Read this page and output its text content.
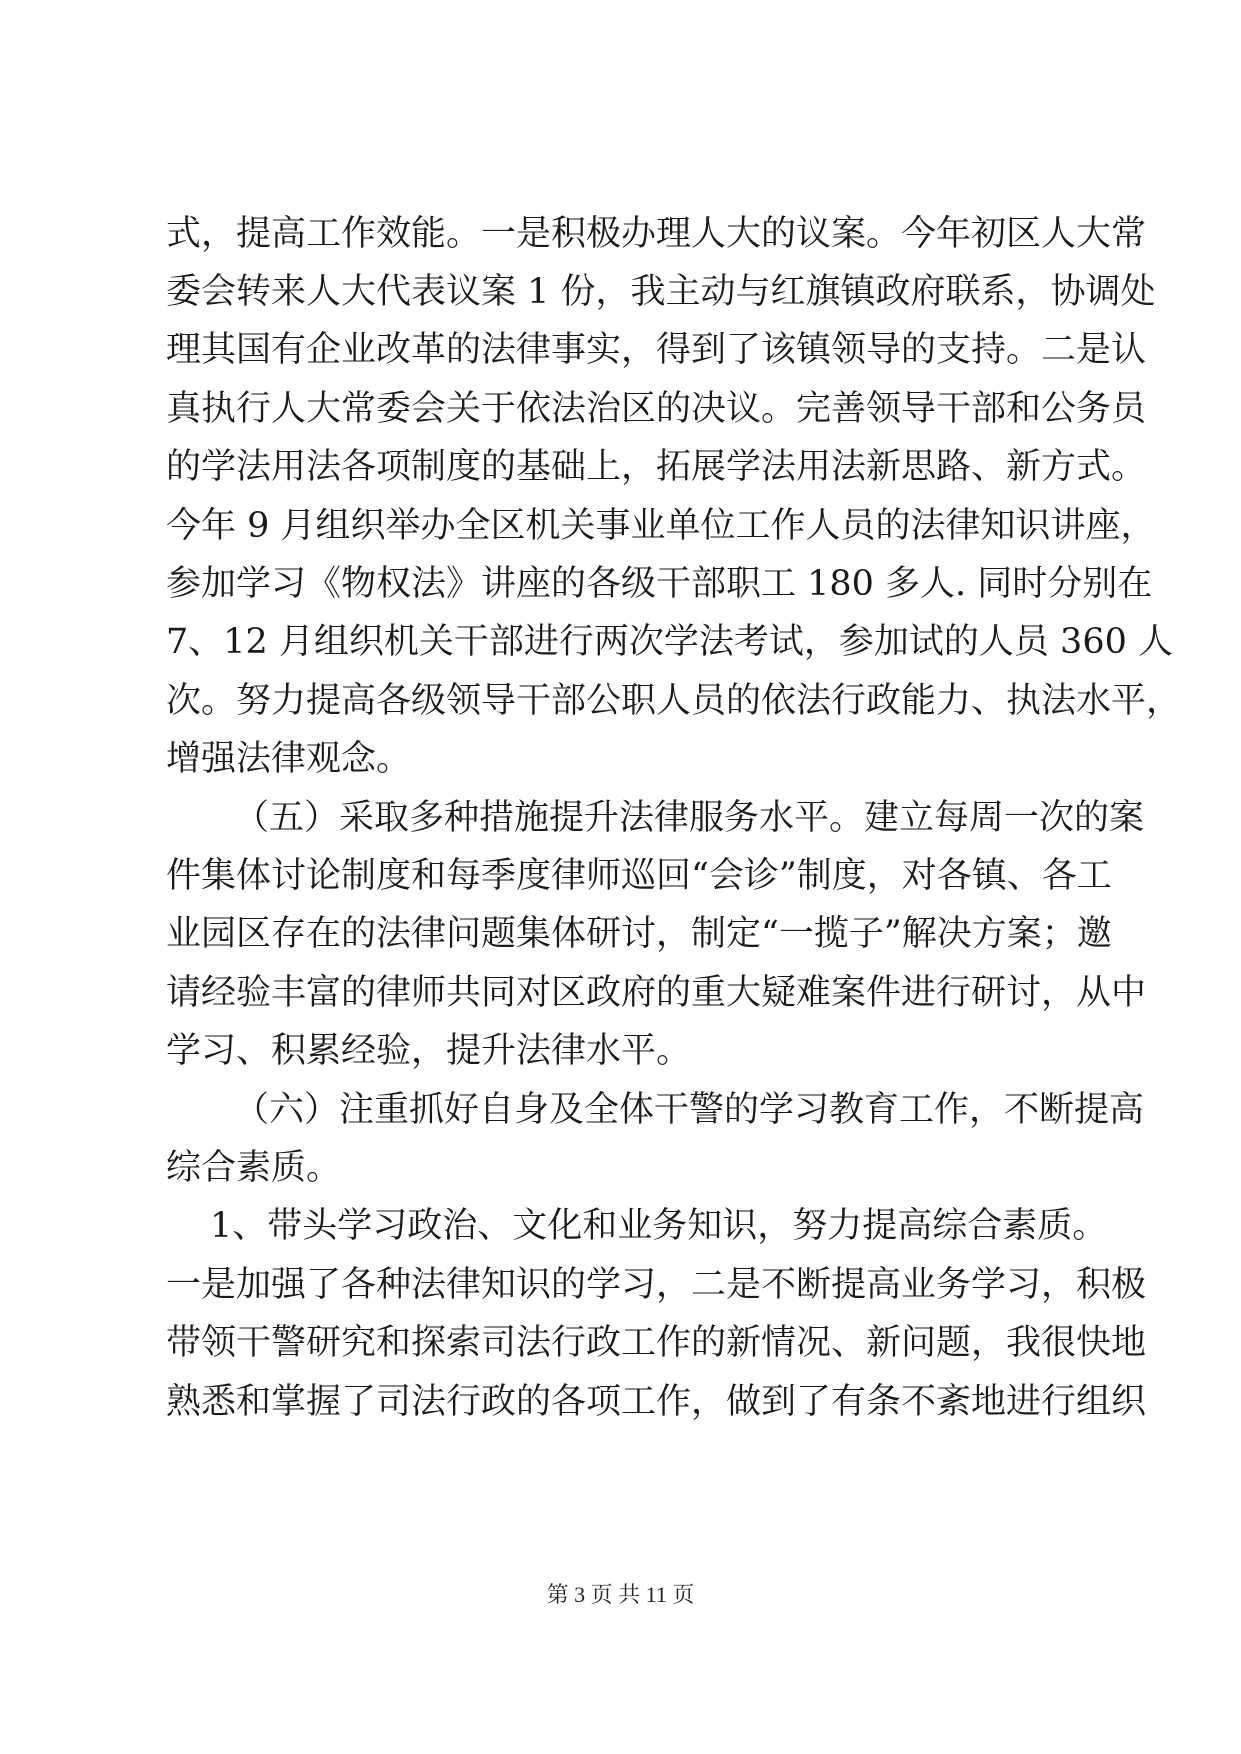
式，提高工作效能。一是积极办理人大的议案。今年初区人大常
委会转来人大代表议案 1 份，我主动与红旗镇政府联系，协调处
理其国有企业改革的法律事实，得到了该镇领导的支持。二是认
真执行人大常委会关于依法治区的决议。完善领导干部和公务员
的学法用法各项制度的基础上，拓展学法用法新思路、新方式。
今年 9 月组织举办全区机关事业单位工作人员的法律知识讲座，
参加学习《物权法》讲座的各级干部职工 180 多人. 同时分别在
7、12 月组织机关干部进行两次学法考试，参加试的人员 360 人
次。努力提高各级领导干部公职人员的依法行政能力、执法水平，
增强法律观念。
（五）采取多种措施提升法律服务水平。建立每周一次的案
件集体讨论制度和每季度律师巡回“会诊”制度，对各镇、各工
业园区存在的法律问题集体研讨，制定“一揽子”解决方案；邀
请经验丰富的律师共同对区政府的重大疑难案件进行研讨，从中
学习、积累经验，提升法律水平。
（六）注重抓好自身及全体干警的学习教育工作，不断提高
综合素质。
1、带头学习政治、文化和业务知识，努力提高综合素质。
一是加强了各种法律知识的学习，二是不断提高业务学习，积极
带领干警研究和探索司法行政工作的新情况、新问题，我很快地
熟悉和掌握了司法行政的各项工作，做到了有条不紊地进行组织
第 3 页 共 11 页
